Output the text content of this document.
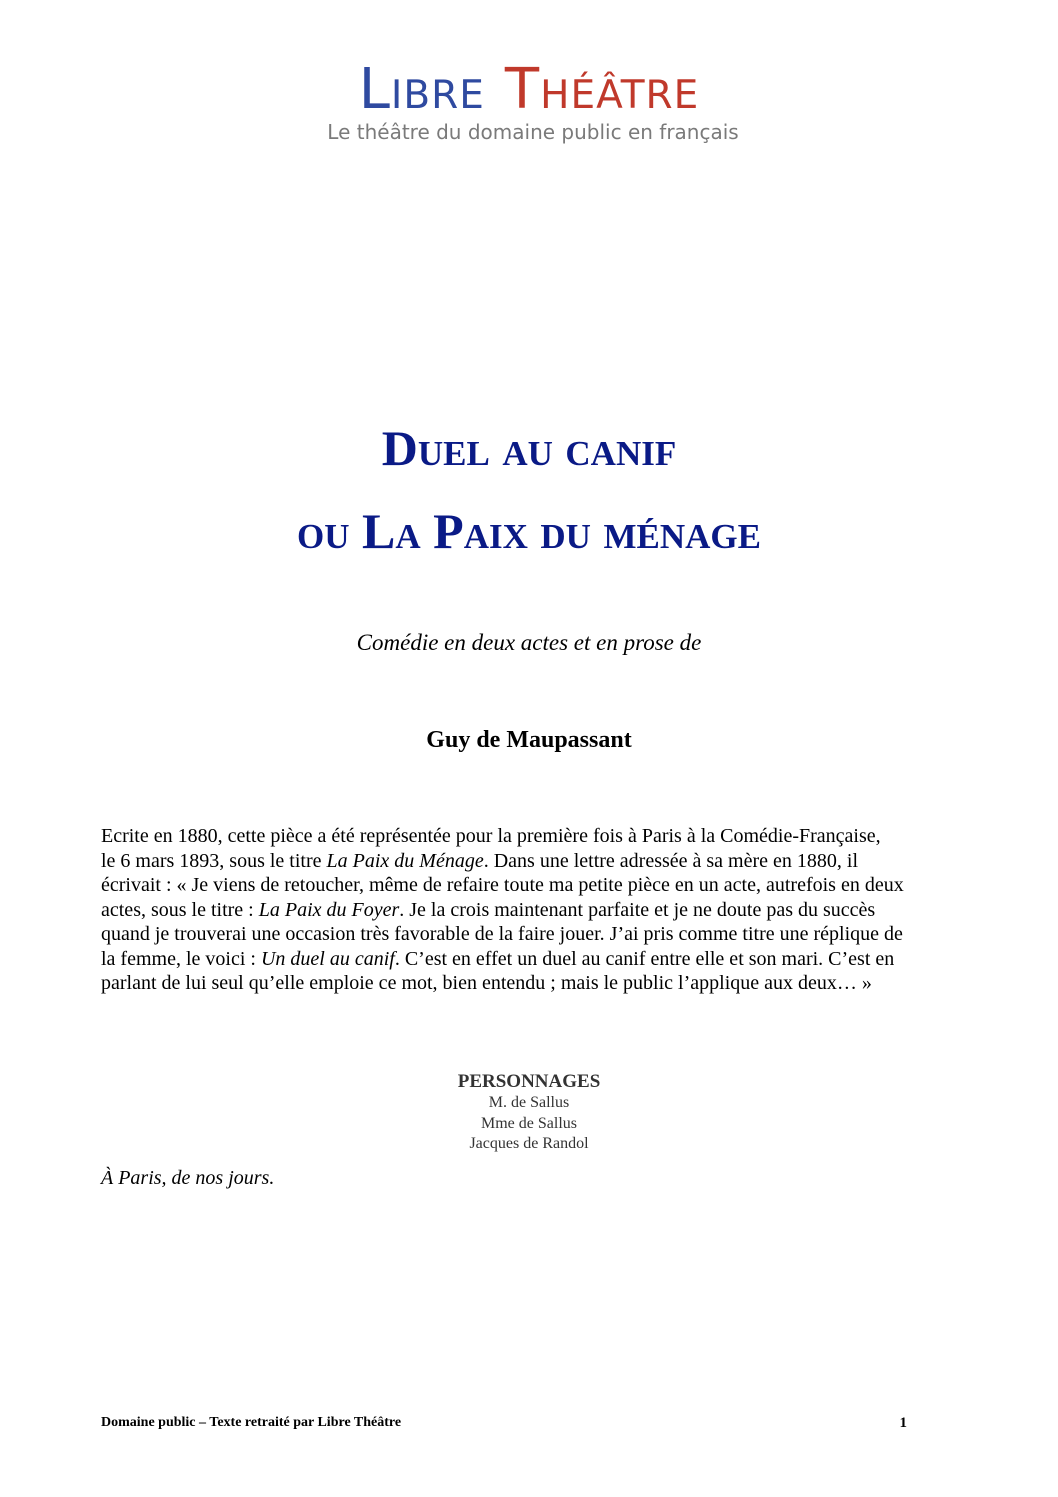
Libre Théâtre
Le théâtre du domaine public en français
Duel au canif
ou La Paix du ménage
Comédie en deux actes et en prose de
Guy de Maupassant
Ecrite en 1880, cette pièce a été représentée pour la première fois à Paris à la Comédie-Française,
le 6 mars 1893, sous le titre La Paix du Ménage. Dans une lettre adressée à sa mère en 1880, il
écrivait : « Je viens de retoucher, même de refaire toute ma petite pièce en un acte, autrefois en deux
actes, sous le titre : La Paix du Foyer. Je la crois maintenant parfaite et je ne doute pas du succès
quand je trouverai une occasion très favorable de la faire jouer. J’ai pris comme titre une réplique de
la femme, le voici : Un duel au canif. C’est en effet un duel au canif entre elle et son mari. C’est en
parlant de lui seul qu’elle emploie ce mot, bien entendu ; mais le public l’applique aux deux… »
PERSONNAGES
M. de Sallus
Mme de Sallus
Jacques de Randol
À Paris, de nos jours.
Domaine public – Texte retraité par Libre Théâtre	1
